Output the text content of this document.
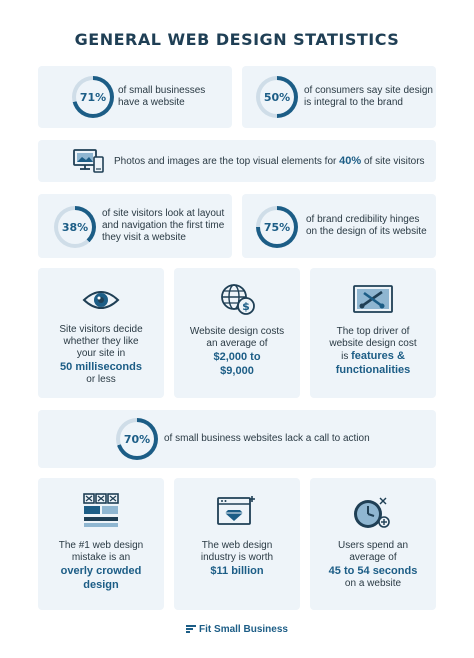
GENERAL WEB DESIGN STATISTICS
71%	of small businesses
have a website	50%	of consumers say site design
is integral to the brand
Photos and images are the top visual elements for 40% of site visitors
38%
of site visitors look at layout
and navigation the first time
they visit a website
75%
of brand credibility hinges
on the design of its website
Site visitors decide
whether they like
your site in
50 milliseconds
or less
$
Website design costs
an average of
$2,000 to
$9,000
The top driver of
website design cost
is features &
functionalities
70%	of small business websites lack a call to action
The #1 web design
mistake is an
overly crowded
design
The web design
industry is worth
$11 billion
Users spend an
average of
45 to 54 seconds
on a website
Fit Small Business
